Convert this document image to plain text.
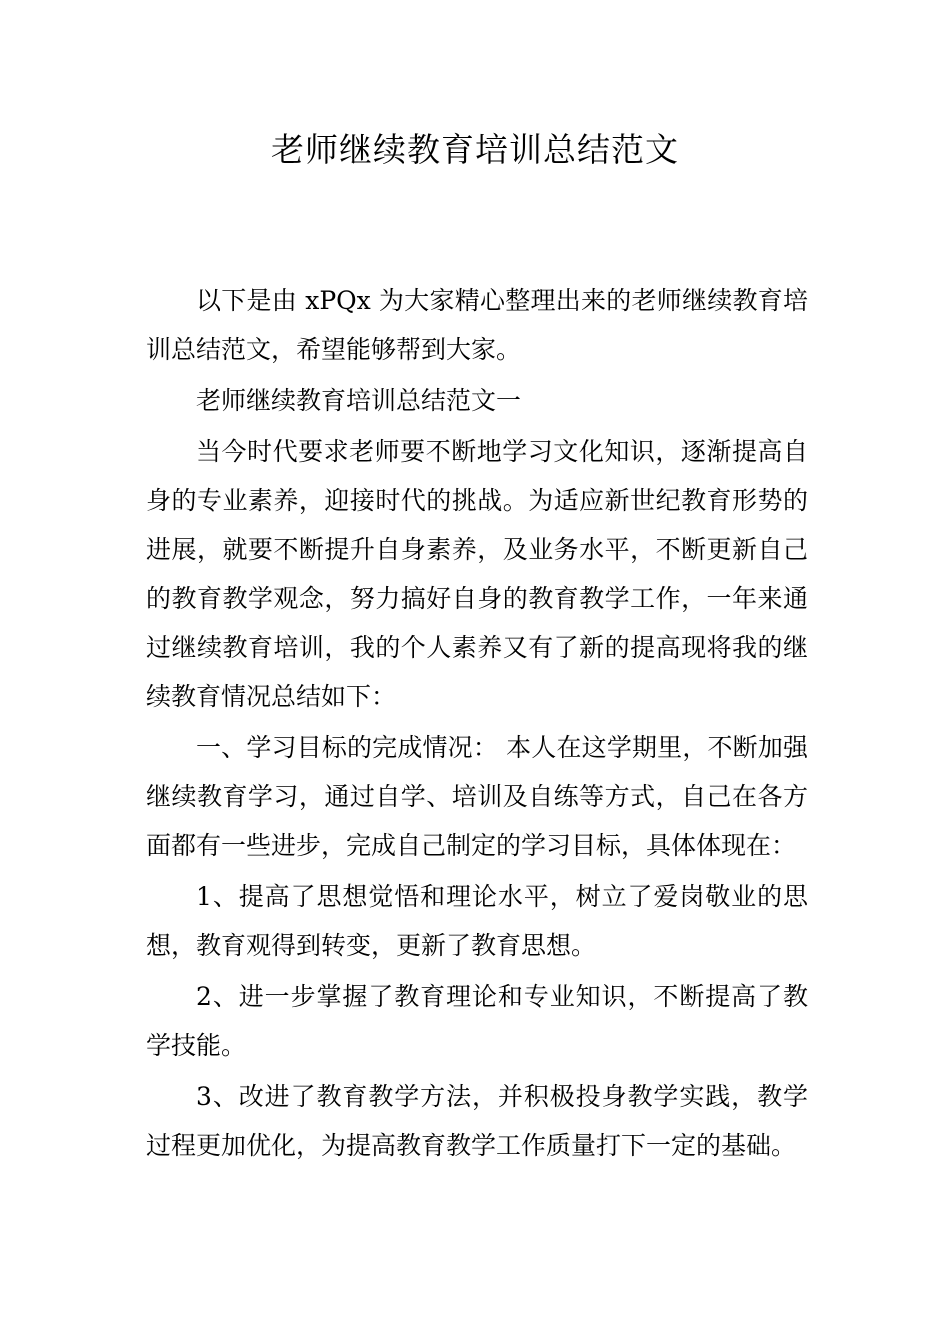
老师继续教育培训总结范文

以下是由 xPQx 为大家精心整理出来的老师继续教育培训总结范文，希望能够帮到大家。

老师继续教育培训总结范文一

当今时代要求老师要不断地学习文化知识，逐渐提高自身的专业素养，迎接时代的挑战。为适应新世纪教育形势的进展，就要不断提升自身素养，及业务水平，不断更新自己的教育教学观念，努力搞好自身的教育教学工作，一年来通过继续教育培训，我的个人素养又有了新的提高现将我的继续教育情况总结如下：

一、学习目标的完成情况： 本人在这学期里，不断加强继续教育学习，通过自学、培训及自练等方式，自己在各方面都有一些进步，完成自己制定的学习目标，具体体现在：

1、提高了思想觉悟和理论水平，树立了爱岗敬业的思想，教育观得到转变，更新了教育思想。

2、进一步掌握了教育理论和专业知识，不断提高了教学技能。

3、改进了教育教学方法，并积极投身教学实践，教学过程更加优化，为提高教育教学工作质量打下一定的基础。
